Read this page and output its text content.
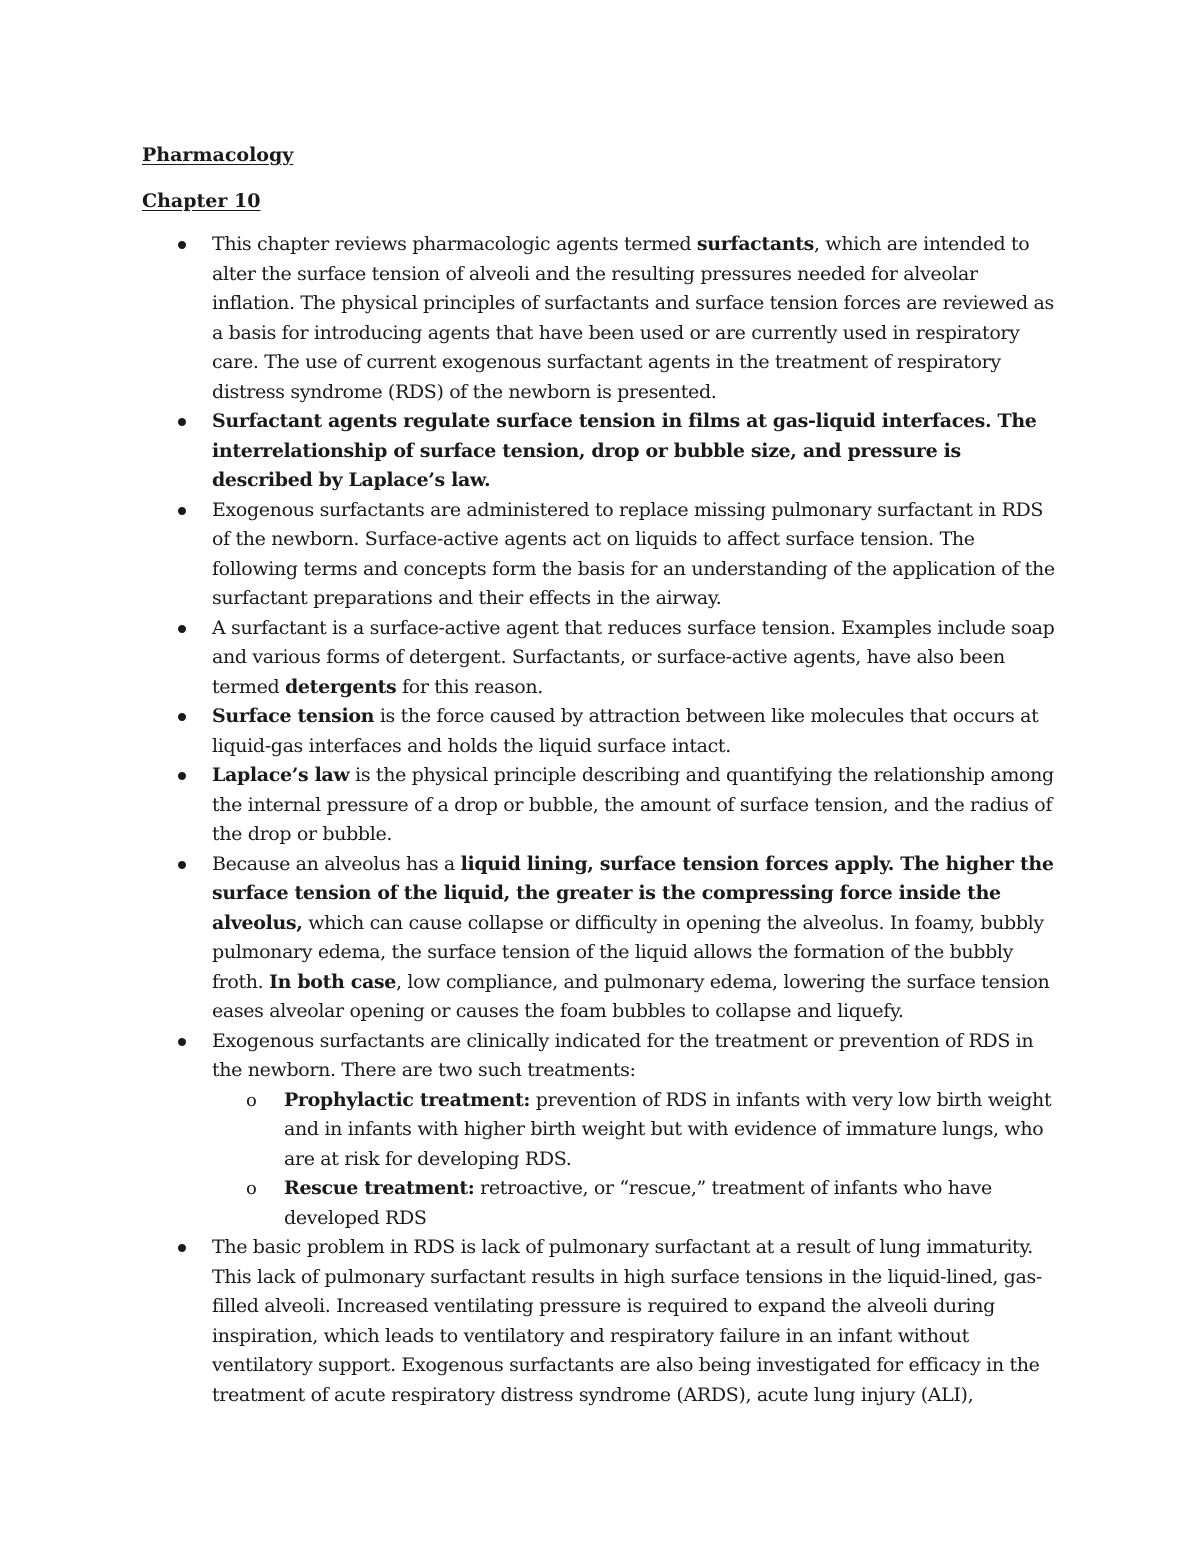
Pharmacology

Chapter 10

This chapter reviews pharmacologic agents termed surfactants, which are intended to alter the surface tension of alveoli and the resulting pressures needed for alveolar inflation. The physical principles of surfactants and surface tension forces are reviewed as a basis for introducing agents that have been used or are currently used in respiratory care. The use of current exogenous surfactant agents in the treatment of respiratory distress syndrome (RDS) of the newborn is presented.
Surfactant agents regulate surface tension in films at gas-liquid interfaces. The interrelationship of surface tension, drop or bubble size, and pressure is described by Laplace’s law.
Exogenous surfactants are administered to replace missing pulmonary surfactant in RDS of the newborn. Surface-active agents act on liquids to affect surface tension. The following terms and concepts form the basis for an understanding of the application of the surfactant preparations and their effects in the airway.
A surfactant is a surface-active agent that reduces surface tension. Examples include soap and various forms of detergent. Surfactants, or surface-active agents, have also been termed detergents for this reason.
Surface tension is the force caused by attraction between like molecules that occurs at liquid-gas interfaces and holds the liquid surface intact.
Laplace’s law is the physical principle describing and quantifying the relationship among the internal pressure of a drop or bubble, the amount of surface tension, and the radius of the drop or bubble.
Because an alveolus has a liquid lining, surface tension forces apply. The higher the surface tension of the liquid, the greater is the compressing force inside the alveolus, which can cause collapse or difficulty in opening the alveolus. In foamy, bubbly pulmonary edema, the surface tension of the liquid allows the formation of the bubbly froth. In both case, low compliance, and pulmonary edema, lowering the surface tension eases alveolar opening or causes the foam bubbles to collapse and liquefy.
Exogenous surfactants are clinically indicated for the treatment or prevention of RDS in the newborn. There are two such treatments:
o Prophylactic treatment: prevention of RDS in infants with very low birth weight and in infants with higher birth weight but with evidence of immature lungs, who are at risk for developing RDS.
o Rescue treatment: retroactive, or “rescue,” treatment of infants who have developed RDS
The basic problem in RDS is lack of pulmonary surfactant at a result of lung immaturity. This lack of pulmonary surfactant results in high surface tensions in the liquid-lined, gas-filled alveoli. Increased ventilating pressure is required to expand the alveoli during inspiration, which leads to ventilatory and respiratory failure in an infant without ventilatory support. Exogenous surfactants are also being investigated for efficacy in the treatment of acute respiratory distress syndrome (ARDS), acute lung injury (ALI),
